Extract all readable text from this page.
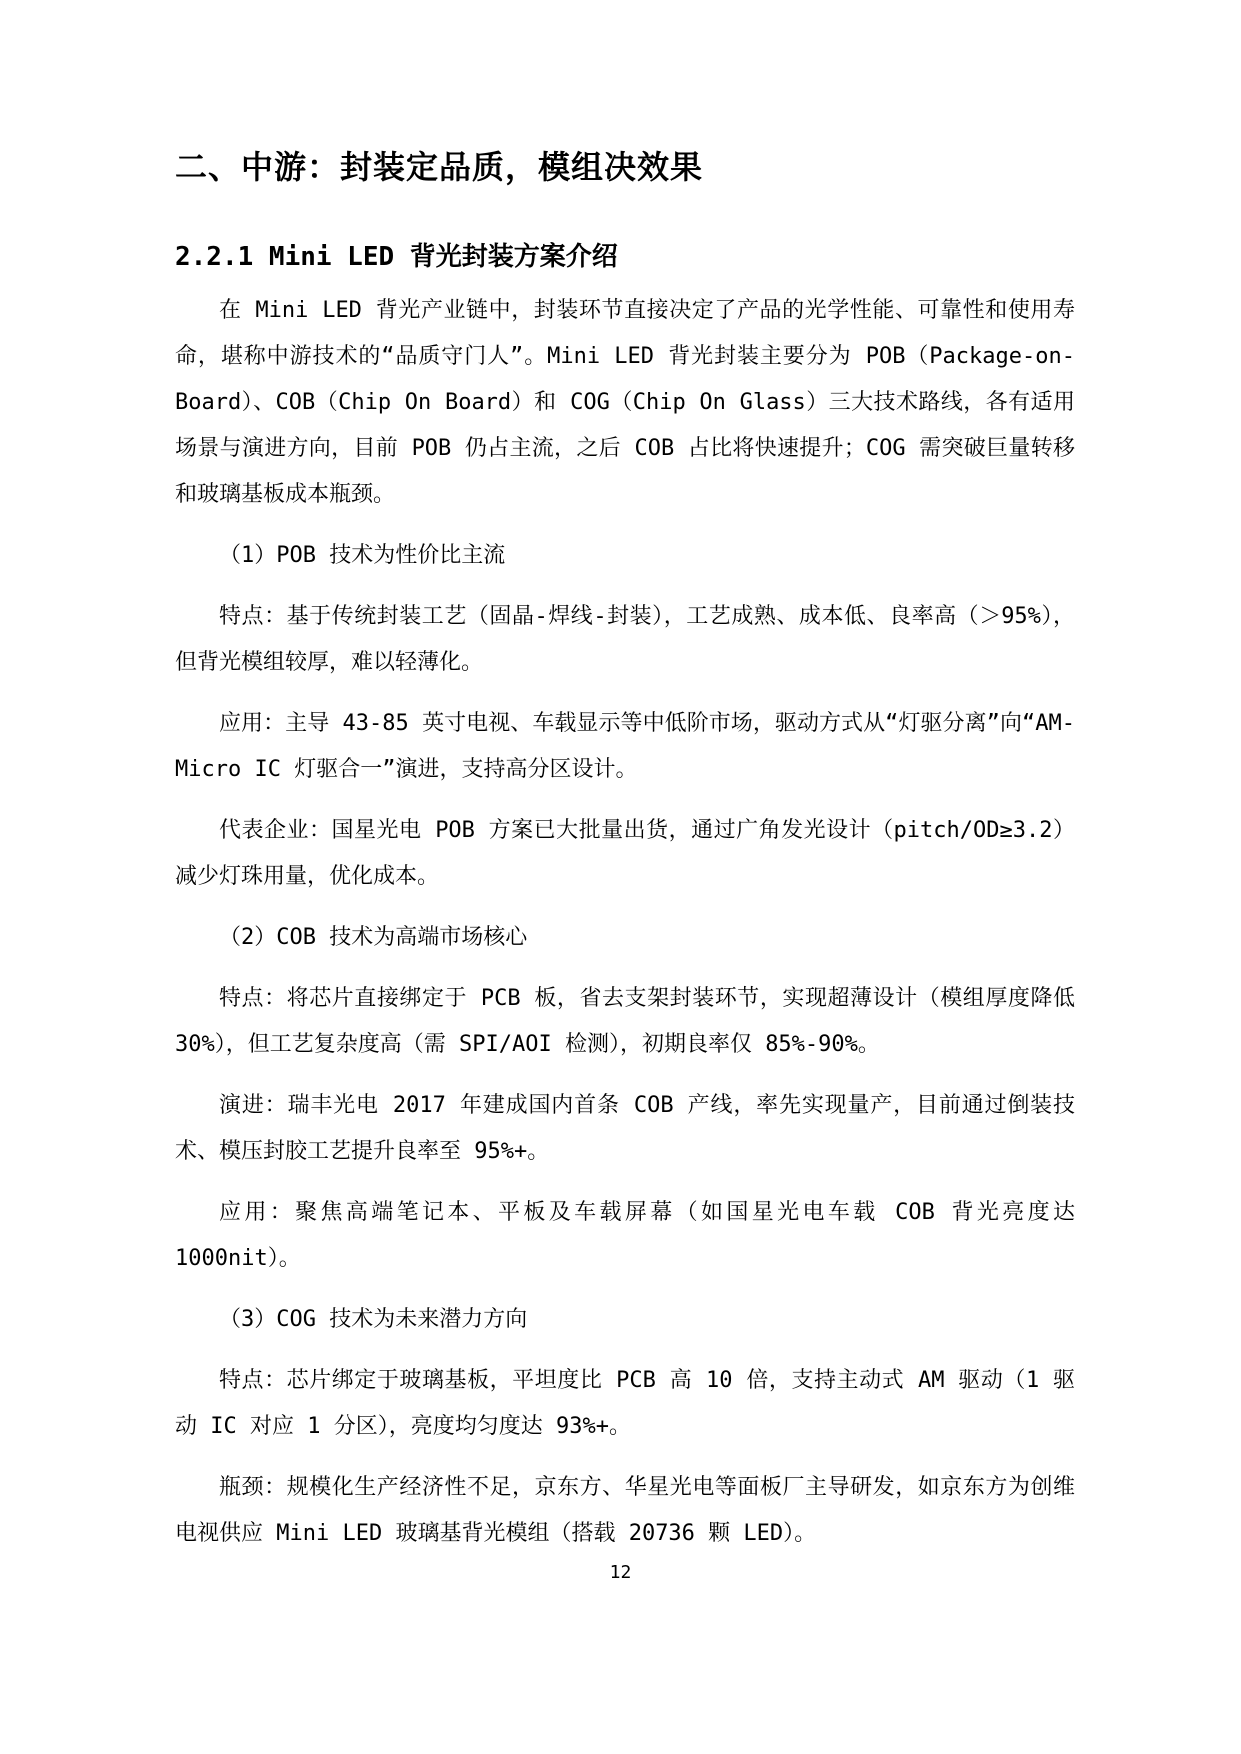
二、中游：封装定品质，模组决效果
2.2.1 Mini LED 背光封装方案介绍

在 Mini LED 背光产业链中，封装环节直接决定了产品的光学性能、可靠性和使用寿命，堪称中游技术的“品质守门人”。Mini LED 背光封装主要分为 POB（Package-on-Board）、COB（Chip On Board）和 COG（Chip On Glass）三大技术路线，各有适用场景与演进方向，目前 POB 仍占主流，之后 COB 占比将快速提升；COG 需突破巨量转移和玻璃基板成本瓶颈。

（1）POB 技术为性价比主流

特点：基于传统封装工艺（固晶-焊线-封装），工艺成熟、成本低、良率高（＞95%），但背光模组较厚，难以轻薄化。

应用：主导 43-85 英寸电视、车载显示等中低阶市场，驱动方式从“灯驱分离”向“AM-Micro IC 灯驱合一”演进，支持高分区设计。

代表企业：国星光电 POB 方案已大批量出货，通过广角发光设计（pitch/OD≥3.2）减少灯珠用量，优化成本。

（2）COB 技术为高端市场核心

特点：将芯片直接绑定于 PCB 板，省去支架封装环节，实现超薄设计（模组厚度降低 30%），但工艺复杂度高（需 SPI/AOI 检测），初期良率仅 85%-90%。

演进：瑞丰光电 2017 年建成国内首条 COB 产线，率先实现量产，目前通过倒装技术、模压封胶工艺提升良率至 95%+。

应用：聚焦高端笔记本、平板及车载屏幕（如国星光电车载 COB 背光亮度达 1000nit）。

（3）COG 技术为未来潜力方向

特点：芯片绑定于玻璃基板，平坦度比 PCB 高 10 倍，支持主动式 AM 驱动（1 驱动 IC 对应 1 分区），亮度均匀度达 93%+。

瓶颈：规模化生产经济性不足，京东方、华星光电等面板厂主导研发，如京东方为创维电视供应 Mini LED 玻璃基背光模组（搭载 20736 颗 LED）。

12
